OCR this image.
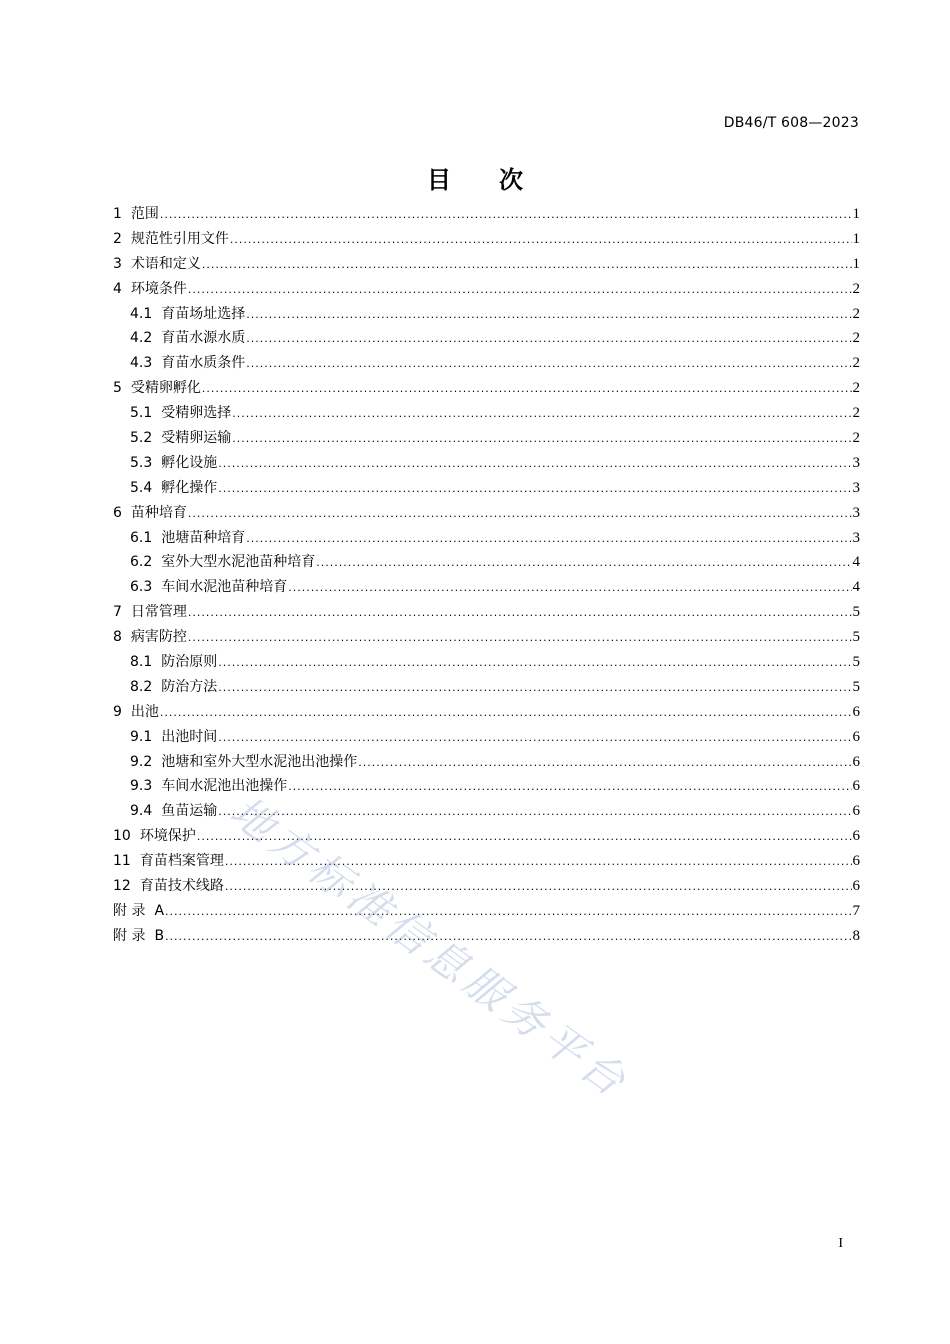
DB46/T 608—2023
目次
1 范围 .....	1
2 规范性引用文件 .....	1
3 术语和定义 .....	1
4 环境条件 .....	2
4.1 育苗场址选择 .....	2
4.2 育苗水源水质 .....	2
4.3 育苗水质条件 .....	2
5 受精卵孵化 .....	2
5.1 受精卵选择 .....	2
5.2 受精卵运输 .....	2
5.3 孵化设施 .....	3
5.4 孵化操作 .....	3
6 苗种培育 .....	3
6.1 池塘苗种培育 .....	3
6.2 室外大型水泥池苗种培育 .....	4
6.3 车间水泥池苗种培育 .....	4
7 日常管理 .....	5
8 病害防控 .....	5
8.1 防治原则 .....	5
8.2 防治方法 .....	5
9 出池 .....	6
9.1 出池时间 .....	6
9.2 池塘和室外大型水泥池出池操作 .....	6
9.3 车间水泥池出池操作 .....	6
9.4 鱼苗运输 .....	6
10 环境保护 .....	6
11 育苗档案管理 .....	6
12 育苗技术线路 .....	6
附 录 A .....	7
附 录 B .....	8
地方标准信息服务平台
I
